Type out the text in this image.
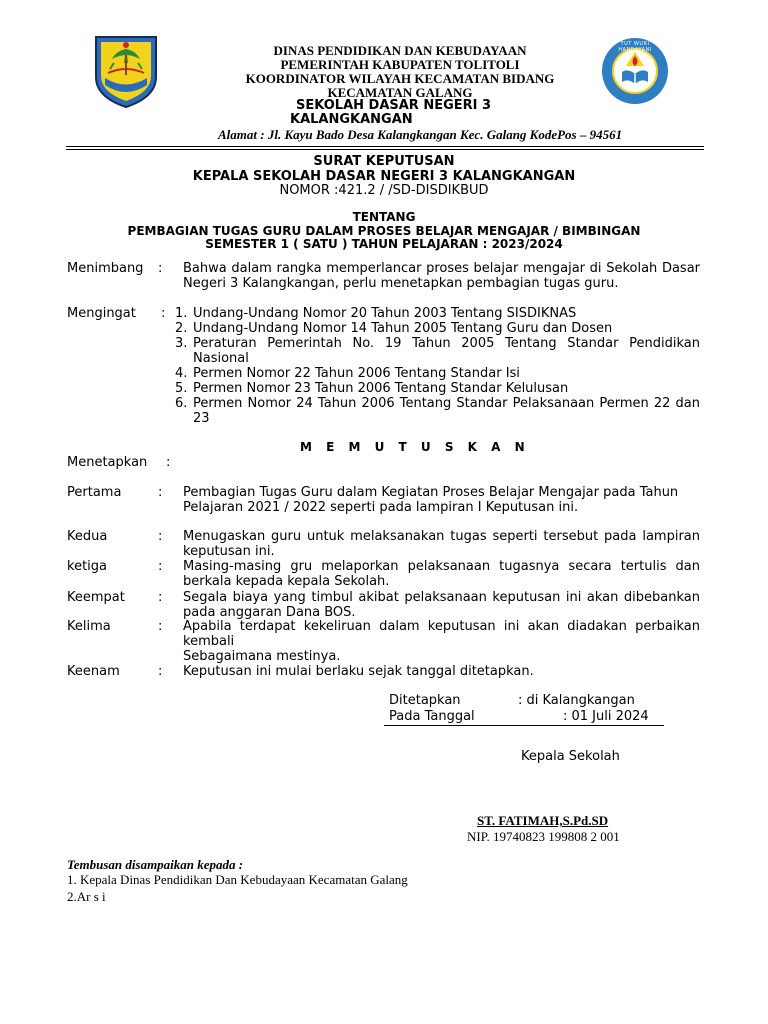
TUT WURI HANDAYANI
DINAS PENDIDIKAN DAN KEBUDAYAAN
PEMERINTAH KABUPATEN TOLITOLI
KOORDINATOR WILAYAH KECAMATAN BIDANG
KECAMATAN GALANG
SEKOLAH DASAR NEGERI 3
KALANGKANGAN
Alamat : Jl. Kayu Bado Desa Kalangkangan Kec. Galang KodePos – 94561
SURAT KEPUTUSAN
KEPALA SEKOLAH DASAR NEGERI 3 KALANGKANGAN
NOMOR :421.2 / /SD-DISDIKBUD
TENTANG
PEMBAGIAN TUGAS GURU DALAM PROSES BELAJAR MENGAJAR / BIMBINGAN
SEMESTER 1 ( SATU ) TAHUN PELAJARAN : 2023/2024
Menimbang : Bahwa dalam rangka memperlancar proses belajar mengajar di Sekolah Dasar Negeri 3 Kalangkangan, perlu menetapkan pembagian tugas guru.
Mengingat : 1. Undang-Undang Nomor 20 Tahun 2003 Tentang SISDIKNAS
2. Undang-Undang Nomor 14 Tahun 2005 Tentang Guru dan Dosen
3. Peraturan Pemerintah No. 19 Tahun 2005 Tentang Standar Pendidikan Nasional
4. Permen Nomor 22 Tahun 2006 Tentang Standar Isi
5. Permen Nomor 23 Tahun 2006 Tentang Standar Kelulusan
6. Permen Nomor 24 Tahun 2006 Tentang Standar Pelaksanaan Permen 22 dan 23
M E M U T U S K A N
Menetapkan :
Pertama	: Pembagian Tugas Guru dalam Kegiatan Proses Belajar Mengajar pada Tahun
Pelajaran 2021 / 2022 seperti pada lampiran I Keputusan ini.
Kedua	: Menugaskan guru untuk melaksanakan tugas seperti tersebut pada lampiran keputusan ini.
ketiga	: Masing-masing gru melaporkan pelaksanaan tugasnya secara tertulis dan berkala kepada kepala Sekolah.
Keempat	: Segala biaya yang timbul akibat pelaksanaan keputusan ini akan dibebankan pada anggaran Dana BOS.
Kelima	: Apabila terdapat kekeliruan dalam keputusan ini akan diadakan perbaikan kembali
Sebagaimana mestinya.
Keenam	: Keputusan ini mulai berlaku sejak tanggal ditetapkan.
Ditetapkan	: di Kalangkangan
Pada Tanggal	: 01 Juli 2024
Kepala Sekolah
ST. FATIMAH,S.Pd.SD
NIP. 19740823 199808 2 001
Tembusan disampaikan kepada :
1. Kepala Dinas Pendidikan Dan Kebudayaan Kecamatan Galang
2.Ar s i
